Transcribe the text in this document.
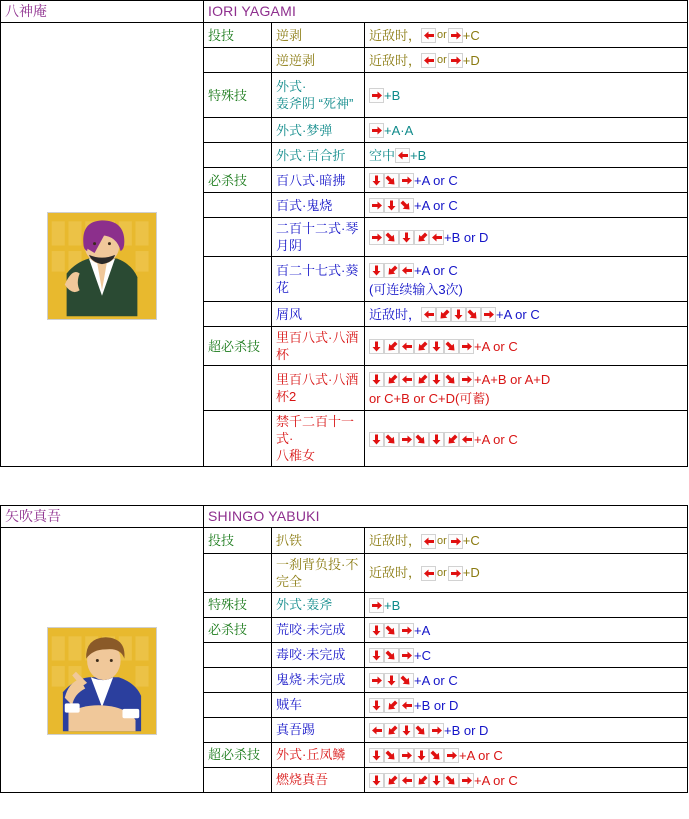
八神庵	IORI YAGAMI		

	投技	逆剥	近敌时， or +C

		逆逆剥	近敌时， or +D

	特殊技	外式·
轰斧阴 “死神”	+B

		外式·梦弹	+A·A

		外式·百合折	空中 +B

	必杀技	百八式·暗拂	+A or C

		百式·鬼烧	+A or C

		二百十二式·琴月阴	+B or D

		百二十七式·葵花	+A or C
(可连续输入3次)

		屑风	近敌时， +A or C

	超必杀技	里百八式·八酒杯	+A or C

		里百八式·八酒杯2	+A+B or A+D
or C+B or C+D(可蓄)

		禁千二百十一式·
八稚女	+A or C
矢吹真吾	SHINGO YABUKI		

	投技	扒铁	近敌时， or +C

		一刹背负投·不完全	近敌时， or +D

	特殊技	外式·轰斧	+B

	必杀技	荒咬·未完成	+A

		毒咬·未完成	+C

		鬼烧·未完成	+A or C

		贼车	+B or D

		真吾踢	+B or D

	超必杀技	外式·丘凤鳞	+A or C

		燃烧真吾	+A or C
